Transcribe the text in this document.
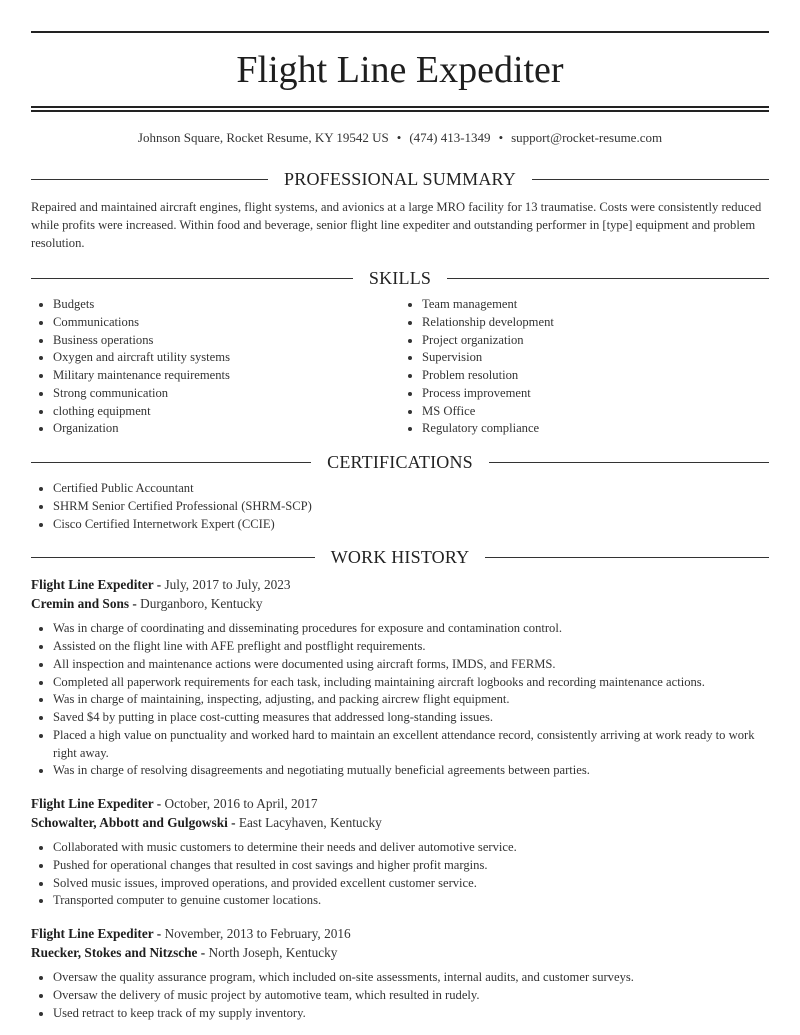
Flight Line Expediter
Johnson Square, Rocket Resume, KY 19542 US • (474) 413-1349 • support@rocket-resume.com
PROFESSIONAL SUMMARY

Repaired and maintained aircraft engines, flight systems, and avionics at a large MRO facility for 13 traumatise. Costs were consistently reduced while profits were increased. Within food and beverage, senior flight line expediter and outstanding performer in [type] equipment and problem resolution.

SKILLS
• Budgets
• Communications
• Business operations
• Oxygen and aircraft utility systems
• Military maintenance requirements
• Strong communication
• clothing equipment
• Organization
• Team management
• Relationship development
• Project organization
• Supervision
• Problem resolution
• Process improvement
• MS Office
• Regulatory compliance
CERTIFICATIONS
• Certified Public Accountant
• SHRM Senior Certified Professional (SHRM-SCP)
• Cisco Certified Internetwork Expert (CCIE)
WORK HISTORY
Flight Line Expediter - July, 2017 to July, 2023
Cremin and Sons - Durganboro, Kentucky
• Was in charge of coordinating and disseminating procedures for exposure and contamination control.
• Assisted on the flight line with AFE preflight and postflight requirements.
• All inspection and maintenance actions were documented using aircraft forms, IMDS, and FERMS.
• Completed all paperwork requirements for each task, including maintaining aircraft logbooks and recording maintenance actions.
• Was in charge of maintaining, inspecting, adjusting, and packing aircrew flight equipment.
• Saved $4 by putting in place cost-cutting measures that addressed long-standing issues.
• Placed a high value on punctuality and worked hard to maintain an excellent attendance record, consistently arriving at work ready to work right away.
• Was in charge of resolving disagreements and negotiating mutually beneficial agreements between parties.
Flight Line Expediter - October, 2016 to April, 2017
Schowalter, Abbott and Gulgowski - East Lacyhaven, Kentucky
• Collaborated with music customers to determine their needs and deliver automotive service.
• Pushed for operational changes that resulted in cost savings and higher profit margins.
• Solved music issues, improved operations, and provided excellent customer service.
• Transported computer to genuine customer locations.
Flight Line Expediter - November, 2013 to February, 2016
Ruecker, Stokes and Nitzsche - North Joseph, Kentucky
• Oversaw the quality assurance program, which included on-site assessments, internal audits, and customer surveys.
• Oversaw the delivery of music project by automotive team, which resulted in rudely.
• Used retract to keep track of my supply inventory.
